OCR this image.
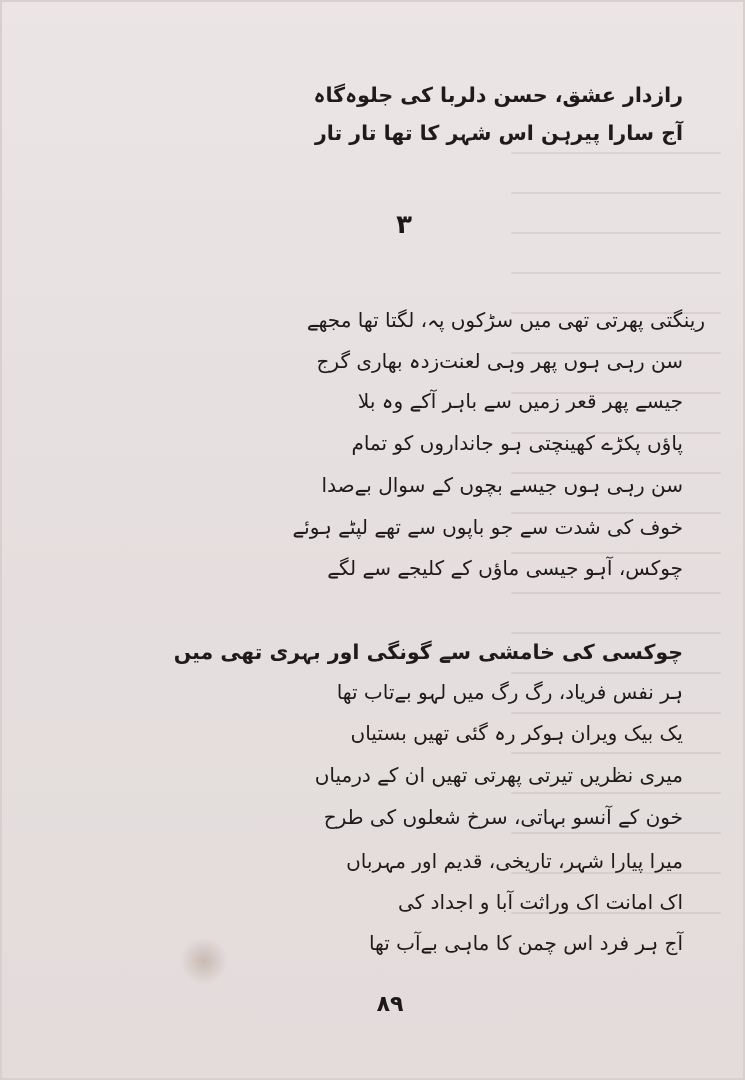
رازدار عشق، حسن دلربا کی جلوہ‌گاہ
آج سارا پیرہن اس شہر کا تھا تار تار
۳
رینگتی پھرتی تھی میں سڑکوں پہ، لگتا تھا مجھے
سن رہی ہوں پھر وہی لعنت‌زدہ بھاری گرج
جیسے پھر قعر زمیں سے باہر آکے وہ بلا
پاؤں پکڑے کھینچتی ہو جانداروں کو تمام
سن رہی ہوں جیسے بچوں کے سوال بے‌صدا
خوف کی شدت سے جو باپوں سے تھے لپٹے ہوئے
چوکس، آہو جیسی ماؤں کے کلیجے سے لگے
چوکسی کی خامشی سے گونگی اور بہری تھی میں
ہر نفس فریاد، رگ رگ میں لہو بے‌تاب تھا
یک بیک ویران ہوکر رہ گئی تھیں بستیاں
میری نظریں تیرتی پھرتی تھیں ان کے درمیاں
خون کے آنسو بہاتی، سرخ شعلوں کی طرح
میرا پیارا شہر، تاریخی، قدیم اور مہرباں
اک امانت اک وراثت آبا و اجداد کی
آج ہر فرد اس چمن کا ماہی بے‌آب تھا
۸۹
